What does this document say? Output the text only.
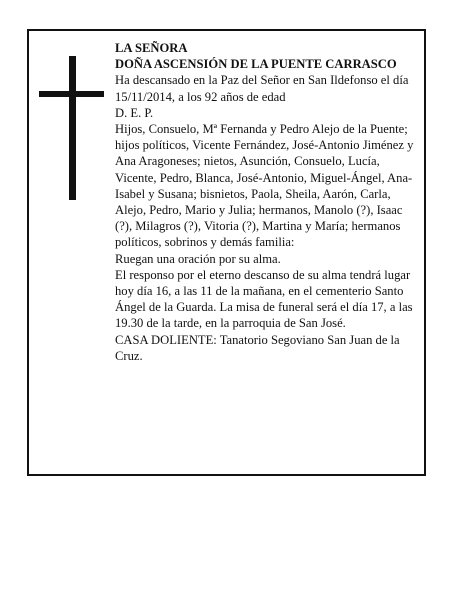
LA SEÑORA

DOÑA ASCENSIÓN DE LA PUENTE CARRASCO

Ha descansado en la Paz del Señor en San Ildefonso el día 15/11/2014, a los 92 años de edad

D. E. P.

Hijos, Consuelo, Mª Fernanda y Pedro Alejo de la Puente; hijos políticos, Vicente Fernández, José-Antonio Jiménez y Ana Aragoneses; nietos, Asunción, Consuelo, Lucía, Vicente, Pedro, Blanca, José-Antonio, Miguel-Ángel, Ana-Isabel y Susana; bisnietos, Paola, Sheila, Aarón, Carla, Alejo, Pedro, Mario y Julia; hermanos, Manolo (?), Isaac (?), Milagros (?), Vitoria (?), Martina y María; hermanos políticos, sobrinos y demás familia:

Ruegan una oración por su alma.

El responso por el eterno descanso de su alma tendrá lugar hoy día 16, a las 11 de la mañana, en el cementerio Santo Ángel de la Guarda. La misa de funeral será el día 17, a las 19.30 de la tarde, en la parroquia de San José.

CASA DOLIENTE: Tanatorio Segoviano San Juan de la Cruz.
